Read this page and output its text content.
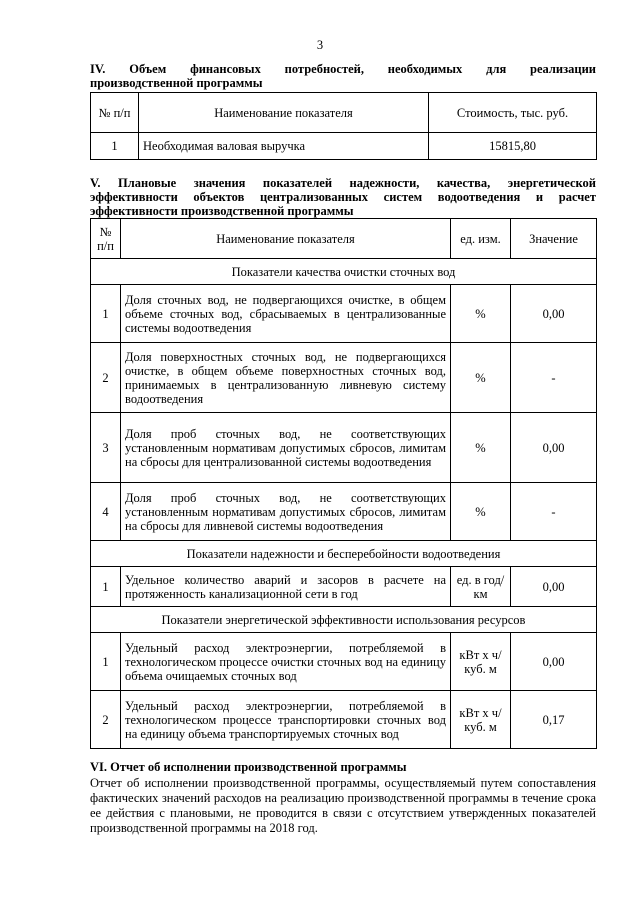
3
IV. Объем финансовых потребностей, необходимых для реализации
производственной программы
№ п/п	Наименование показателя	Стоимость, тыс. руб.
1	Необходимая валовая выручка	15815,80
V. Плановые значения показателей надежности, качества, энергетической
эффективности объектов централизованных систем водоотведения и расчет
эффективности производственной программы
№ п/п	Наименование показателя	ед. изм.	Значение
Показатели качества очистки сточных вод			
1	Доля сточных вод, не подвергающихся очистке, в общем объеме сточных вод, сбрасываемых в централизованные системы водоотведения	%	0,00
2	Доля поверхностных сточных вод, не подвергающихся очистке, в общем объеме поверхностных сточных вод, принимаемых в централизованную ливневую систему водоотведения	%	-
3	Доля проб сточных вод, не соответствующих установленным нормативам допустимых сбросов, лимитам на сбросы для централизованной системы водоотведения	%	0,00
4	Доля проб сточных вод, не соответствующих установленным нормативам допустимых сбросов, лимитам на сбросы для ливневой системы водоотведения	%	-
Показатели надежности и бесперебойности водоотведения			
1	Удельное количество аварий и засоров в расчете на протяженность канализационной сети в год	ед. в год/км	0,00
Показатели энергетической эффективности использования ресурсов			
1	Удельный расход электроэнергии, потребляемой в технологическом процессе очистки сточных вод на единицу объема очищаемых сточных вод	кВт х ч/куб. м	0,00
2	Удельный расход электроэнергии, потребляемой в технологическом процессе транспортировки сточных вод на единицу объема транспортируемых сточных вод	кВт х ч/куб. м	0,17
VI. Отчет об исполнении производственной программы
Отчет об исполнении производственной программы, осуществляемый путем сопоставления фактических значений расходов на реализацию производственной программы в течение срока ее действия с плановыми, не проводится в связи с отсутствием утвержденных показателей производственной программы на 2018 год.
